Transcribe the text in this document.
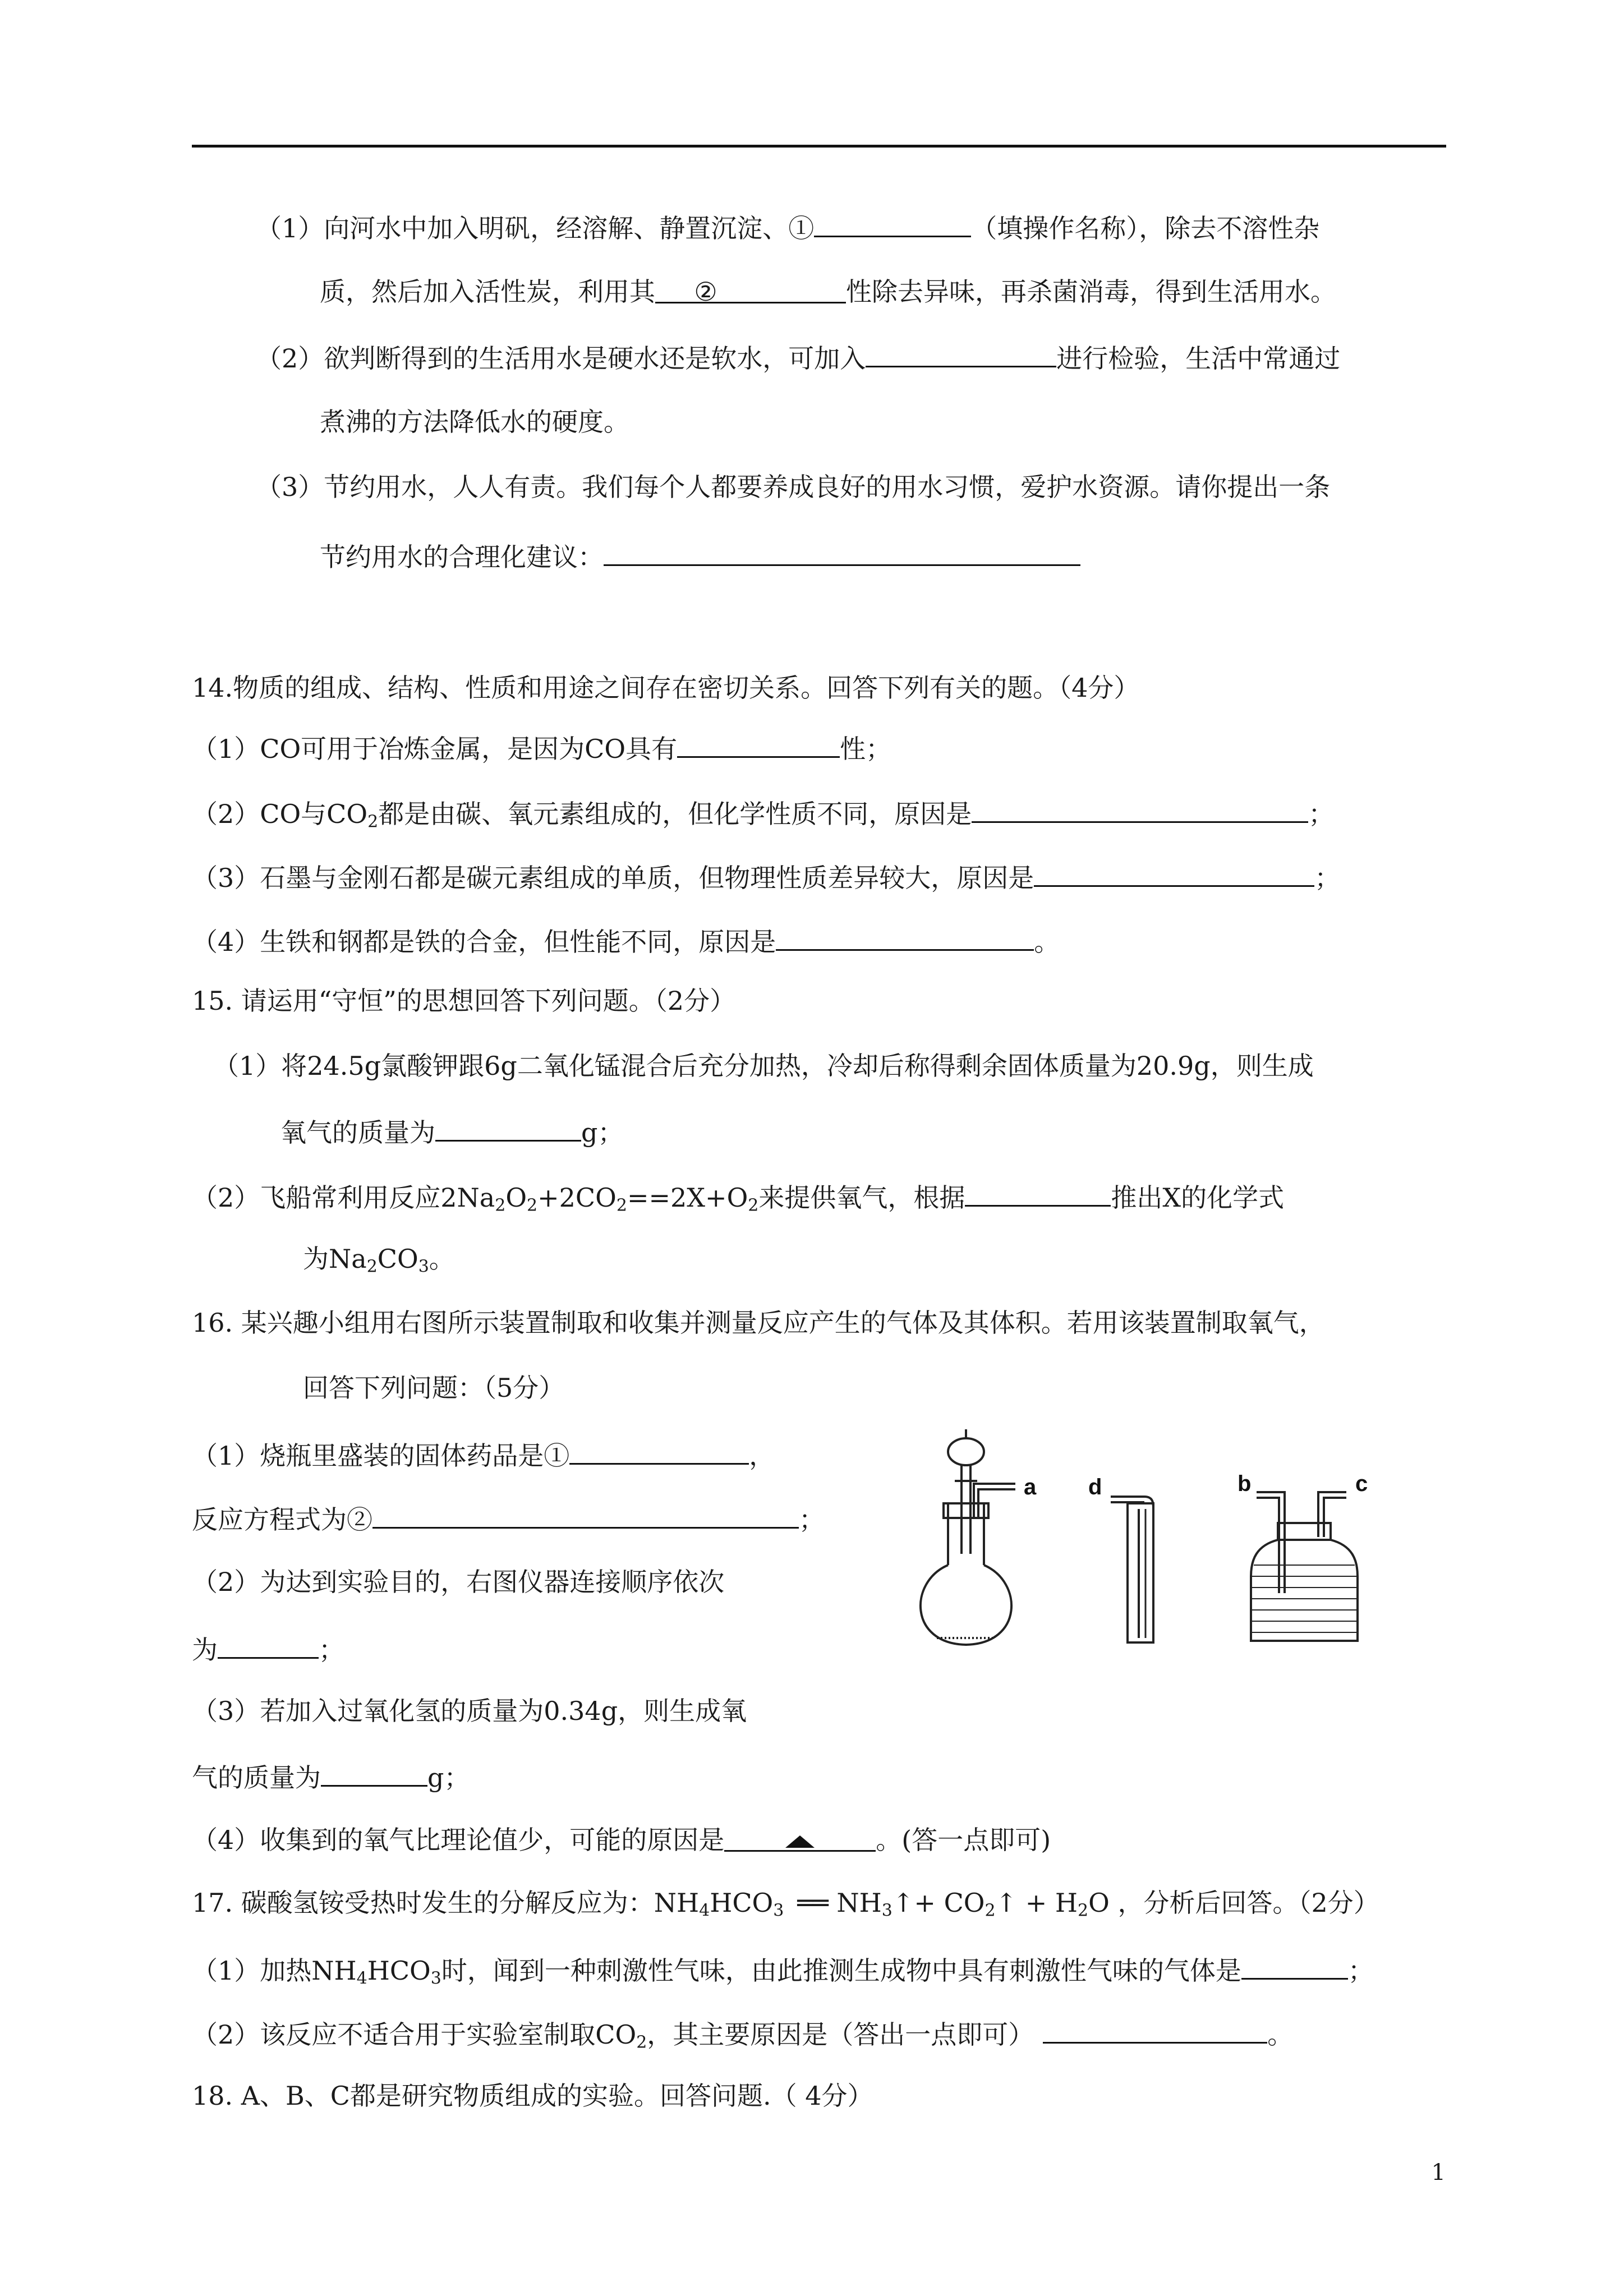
（1）向河水中加入明矾，经溶解、静置沉淀、①	（填操作名称），除去不溶性杂
质，然后加入活性炭，利用其 ②	性除去异味，再杀菌消毒，得到生活用水。
（2）欲判断得到的生活用水是硬水还是软水，可加入	进行检验，生活中常通过
煮沸的方法降低水的硬度。
（3）节约用水，人人有责。我们每个人都要养成良好的用水习惯，爱护水资源。请你提出一条
节约用水的合理化建议：
14.物质的组成、结构、性质和用途之间存在密切关系。回答下列有关的题。（4分）
（1）CO可用于冶炼金属，是因为CO具有	性；
（2）CO与$CO_2$都是由碳、氧元素组成的，但化学性质不同，原因是	；
（3）石墨与金刚石都是碳元素组成的单质，但物理性质差异较大，原因是	；
（4）生铁和钢都是铁的合金，但性能不同，原因是	。
15. 请运用“守恒”的思想回答下列问题。（2分）
（1）将24.5g氯酸钾跟6g二氧化锰混合后充分加热，冷却后称得剩余固体质量为20.9g，则生成
氧气的质量为	g；
（2）飞船常利用反应$2Na_2O_2+2CO_2==2X+O_2$来提供氧气，根据	推出X的化学式
为$Na_2CO_3$。
16. 某兴趣小组用右图所示装置制取和收集并测量反应产生的气体及其体积。若用该装置制取氧气，
回答下列问题：（5分）
（1）烧瓶里盛装的固体药品是①	，
反应方程式为②	；
（2）为达到实验目的，右图仪器连接顺序依次
为	；
（3）若加入过氧化氢的质量为0.34g，则生成氧
气的质量为	g；
（4）收集到的氧气比理论值少，可能的原因是	。(答一点即可)
a d	b	c
17. 碳酸氢铵受热时发生的分解反应为：$NH_4HCO_3$ ══ $NH_3↑+$ $CO_2↑ + H_2O$ ，分析后回答。（2分）
（1）加热$NH_4HCO_3$时，闻到一种刺激性气味，由此推测生成物中具有刺激性气味的气体是	；
（2）该反应不适合用于实验室制取$CO_2$，其主要原因是（答出一点即可）	。
18. A、B、C都是研究物质组成的实验。回答问题.（ 4分）
1
